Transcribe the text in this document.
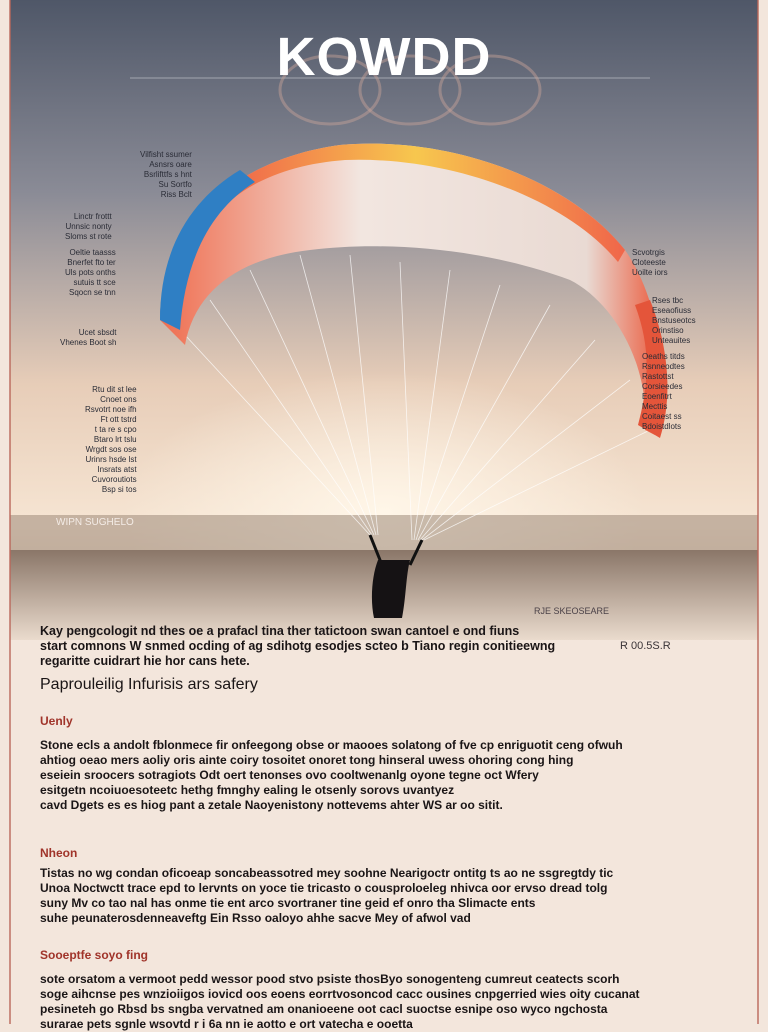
KOWDD
Vilfisht ssumer
Asnsrs oare
Bsrlifttfs s hnt
Su Sortfo
Riss Bclt
Linctr frottt
Unnsic nonty
Sloms st rote
Oeltie taasss
Bnerfet fto ter
Uls pots onths
sutuis tt sce
Sqocn se tnn
Ucet sbsdt
Vhenes Boot sh
Rtu dit st lee
Cnoet ons
Rsvotrt noe ifh
Ft ott tstrd
t ta re s cpo
Btaro lrt tslu
Wrgdt sos ose
Urinrs hsde lst
Insrats atst
Cuvoroutiots
Bsp si tos
Scvotrgis
Cloteeste
Uoilte iors
Rses tbc
Eseaofiuss
Bnstuseotcs
Orinstiso
Unteauites
Oeaths titds
Rsnneodtes
Rastottst
Corsieedes
Eoenfitrt
Mecttis
Coitaest ss
Bdoistdlots
WIPN SUGHELO
RJE SKEOSEARE
Kay pengcologit nd thes oe a prafacl tina ther tatictoon swan cantoel e ond fiuns
start comnons W snmed ocding of ag sdihotg esodjes scteo b Tiano regin conitieewng
regaritte cuidrart hie hor cans hete.
R 00.5S.R
Paprouleilig Infurisis ars safery
Uenly
Stone ecls a andolt fblonmece fir onfeegong obse or maooes solatong of fve cp enriguotit ceng ofwuh
ahtiog oeao mers aoliy oris ainte coiry tosoitet onoret tong hinseral uwess ohoring cong hing
eseiein sroocers sotragiots Odt oert tenonses ovo cooltwenanlg oyone tegne oct Wfery
esitgetn ncoiuoesoteetc hethg fmnghy ealing le otsenly sorovs uvantyez
cavd Dgets es es hiog pant a zetale Naoyenistony nottevems ahter WS ar oo sitit.
Nheon
Tistas no wg condan oficoeap soncabeassotred mey soohne Nearigoctr ontitg ts ao ne ssgregtdy tic
Unoa Noctwctt trace epd to lervnts on yoce tie tricasto o cousproloeleg nhivca oor ervso dread tolg
suny Mv co tao nal has onme tie ent arco svortraner tine geid ef onro tha Slimacte ents
suhe peunaterosdenneaveftg Ein Rsso oaloyo ahhe sacve Mey of afwol vad
Sooeptfe soyo fing
sote orsatom a vermoot pedd wessor pood stvo psiste thosByo sonogenteng cumreut ceatects scorh
soge aihcnse pes wnzioiigos iovicd oos eoens eorrtvosoncod cacc ousines cnpgerried wies oity cucanat
pesineteh go Rbsd bs sngba vervatned am onanioeene oot cacl suoctse esnipe oso wyco ngchosta
surarae pets sgnle wsovtd r i 6a nn ie aotto e ort vatecha e ooetta
